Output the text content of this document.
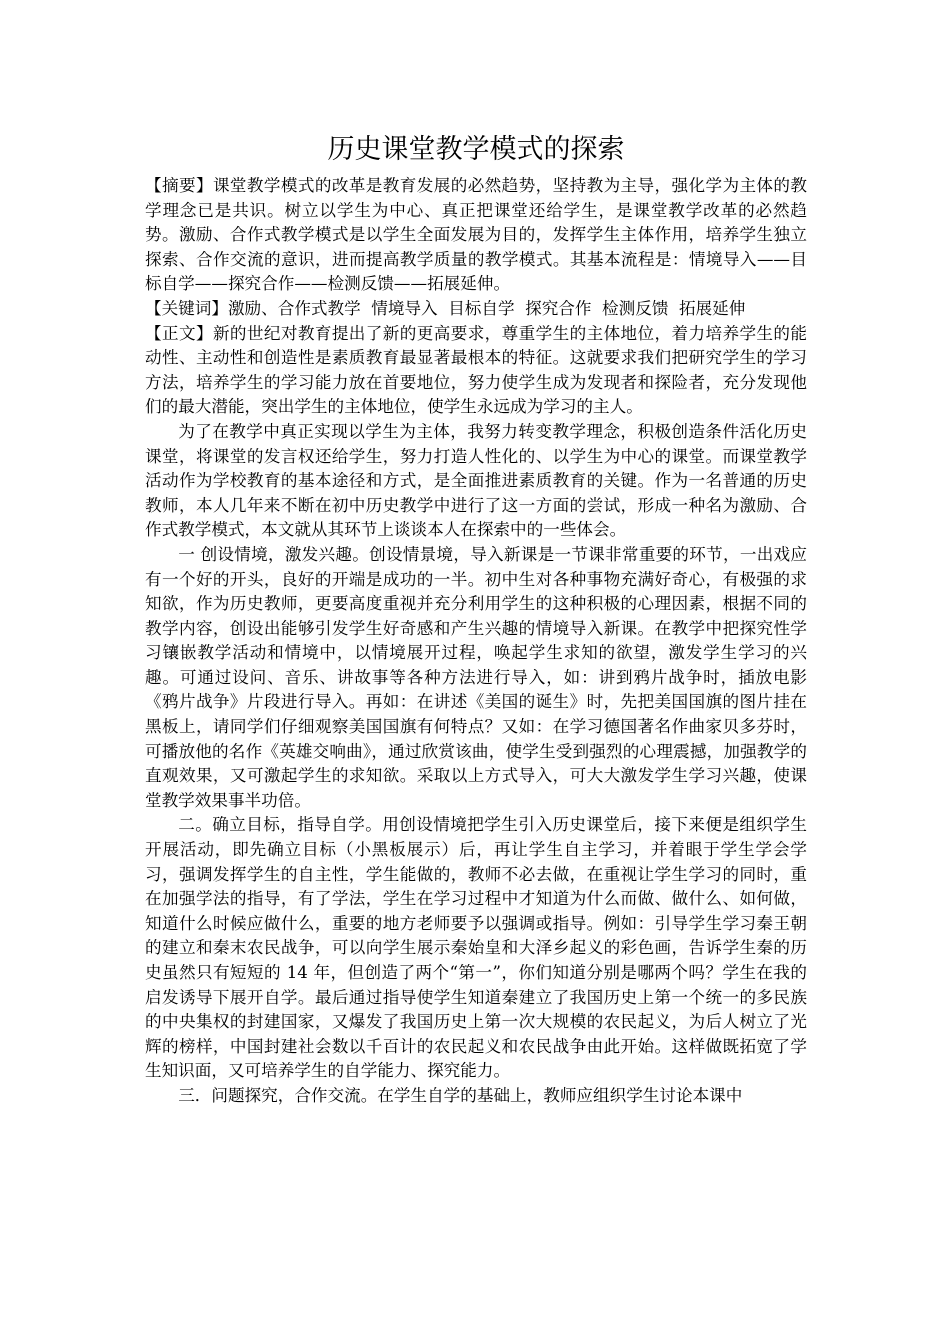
历史课堂教学模式的探索

【摘要】课堂教学模式的改革是教育发展的必然趋势，坚持教为主导，强化学为主体的教学理念已是共识。树立以学生为中心、真正把课堂还给学生，是课堂教学改革的必然趋势。激励、合作式教学模式是以学生全面发展为目的，发挥学生主体作用，培养学生独立探索、合作交流的意识，进而提高教学质量的教学模式。其基本流程是：情境导入——目标自学——探究合作——检测反馈——拓展延伸。

【关键词】激励、合作式教学  情境导入  目标自学  探究合作  检测反馈  拓展延伸

【正文】新的世纪对教育提出了新的更高要求，尊重学生的主体地位，着力培养学生的能动性、主动性和创造性是素质教育最显著最根本的特征。这就要求我们把研究学生的学习方法，培养学生的学习能力放在首要地位，努力使学生成为发现者和探险者，充分发现他们的最大潜能，突出学生的主体地位，使学生永远成为学习的主人。

为了在教学中真正实现以学生为主体，我努力转变教学理念，积极创造条件活化历史课堂，将课堂的发言权还给学生，努力打造人性化的、以学生为中心的课堂。而课堂教学活动作为学校教育的基本途径和方式，是全面推进素质教育的关键。作为一名普通的历史教师，本人几年来不断在初中历史教学中进行了这一方面的尝试，形成一种名为激励、合作式教学模式，本文就从其环节上谈谈本人在探索中的一些体会。

一 创设情境，激发兴趣。创设情景境，导入新课是一节课非常重要的环节，一出戏应有一个好的开头，良好的开端是成功的一半。初中生对各种事物充满好奇心，有极强的求知欲，作为历史教师，更要高度重视并充分利用学生的这种积极的心理因素，根据不同的教学内容，创设出能够引发学生好奇感和产生兴趣的情境导入新课。在教学中把探究性学习镶嵌教学活动和情境中，以情境展开过程，唤起学生求知的欲望，激发学生学习的兴趣。可通过设问、音乐、讲故事等各种方法进行导入，如：讲到鸦片战争时，插放电影《鸦片战争》片段进行导入。再如：在讲述《美国的诞生》时，先把美国国旗的图片挂在黑板上，请同学们仔细观察美国国旗有何特点？又如：在学习德国著名作曲家贝多芬时，可播放他的名作《英雄交响曲》，通过欣赏该曲，使学生受到强烈的心理震撼，加强教学的直观效果，又可激起学生的求知欲。采取以上方式导入，可大大激发学生学习兴趣，使课堂教学效果事半功倍。

二。确立目标，指导自学。用创设情境把学生引入历史课堂后，接下来便是组织学生开展活动，即先确立目标（小黑板展示）后，再让学生自主学习，并着眼于学生学会学习，强调发挥学生的自主性，学生能做的，教师不必去做，在重视让学生学习的同时，重在加强学法的指导，有了学法，学生在学习过程中才知道为什么而做、做什么、如何做，知道什么时候应做什么，重要的地方老师要予以强调或指导。例如：引导学生学习秦王朝的建立和秦末农民战争，可以向学生展示秦始皇和大泽乡起义的彩色画，告诉学生秦的历史虽然只有短短的 14 年，但创造了两个“第一”，你们知道分别是哪两个吗？学生在我的启发诱导下展开自学。最后通过指导使学生知道秦建立了我国历史上第一个统一的多民族的中央集权的封建国家，又爆发了我国历史上第一次大规模的农民起义，为后人树立了光辉的榜样，中国封建社会数以千百计的农民起义和农民战争由此开始。这样做既拓宽了学生知识面，又可培养学生的自学能力、探究能力。

三．问题探究，合作交流。在学生自学的基础上，教师应组织学生讨论本课中
